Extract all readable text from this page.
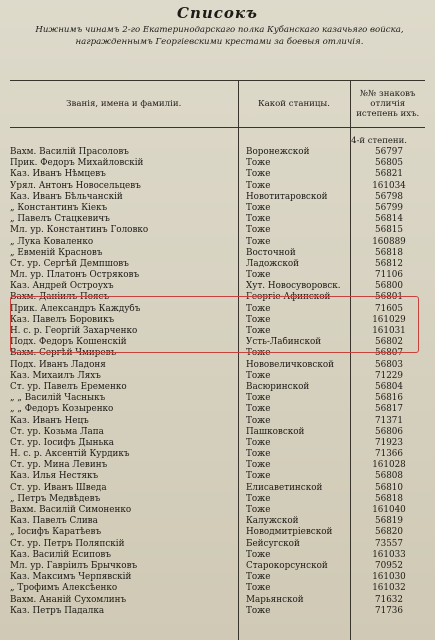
Списокъ
Нижнимъ чинамъ 2-го Екатеринодарскаго полка Кубанскаго казачьяго войска, награжденнымъ Георгіевскими крестами за боевыя отличія.
Званія, имена и фамиліи.	Какой станицы.	№№ знаковъ отличія истепень ихъ.
4-й степени.
Вахм. Василій Прасоловъ	Воронежской	56797
Прик. Федоръ Михайловскій	Тоже	56805
Каз. Иванъ Нѣмцевъ	Тоже	56821
Урял. Антонъ Новосельцевъ	Тоже	161034
Каз. Иванъ Бѣльчанскій	Новотитаровской	56798
„ Константинъ Кіекъ	Тоже	56799
„ Павелъ Стацкевичъ	Тоже	56814
Мл. ур. Константинъ Головко	Тоже	56815
„ Лука Коваленко	Тоже	160889
„ Евменій Красновъ	Восточной	56818
Ст. ур. Сергѣй Демпшовъ	Ладожской	56812
Мл. ур. Платонъ Остряковъ	Тоже	71106
Каз. Андрей Остроухъ	Хут. Новосуворовск.	56800
Вахм. Даніилъ Поясъ	Георгіе-Афипской	56801
Прик. Александръ Каждубъ	Тоже	71605
Каз. Павелъ Боровикъ	Тоже	161029
Н. с. р. Георгій Захарченко	Тоже	161031
Подх. Федоръ Кошенскій	Усть-Лабинской	56802
Вахм. Сергѣй Чмиревъ	Тоже	56807
Подх. Иванъ Ладоня	Нововеличковской	56803
Каз. Михаилъ Ляхъ	Тоже	71229
Ст. ур. Павелъ Еременко	Васюринской	56804
„ „ Василій Часныкъ	Тоже	56816
„ „ Федоръ Козыренко	Тоже	56817
Каз. Иванъ Нецъ	Тоже	71371
Ст. ур. Козьма Лапа	Пашковской	56806
Ст. ур. Іосифъ Дынька	Тоже	71923
Н. с. р. Аксентій Курдикъ	Тоже	71366
Ст. ур. Мина Левинъ	Тоже	161028
Каз. Илья Нестякъ	Тоже	56808
Ст. ур. Иванъ Шведа	Елисаветинской	56810
„ Петръ Медвѣдевъ	Тоже	56818
Вахм. Василій Симоненко	Тоже	161040
Каз. Павелъ Слива	Калужской	56819
„ Іосифъ Каратѣевъ	Новодмитріевской	56820
Ст. ур. Петръ Поляпскій	Бейсугской	73557
Каз. Василій Есиповъ	Тоже	161033
Мл. ур. Гавріилъ Брычковъ	Старокорсунской	70952
Каз. Максимъ Черпявскій	Тоже	161030
„ Трофимъ Алексѣенко	Тоже	161032
Вахм. Ананій Сухомлинъ	Марьянской	71632
Каз. Петръ Падалка	Тоже	71736
